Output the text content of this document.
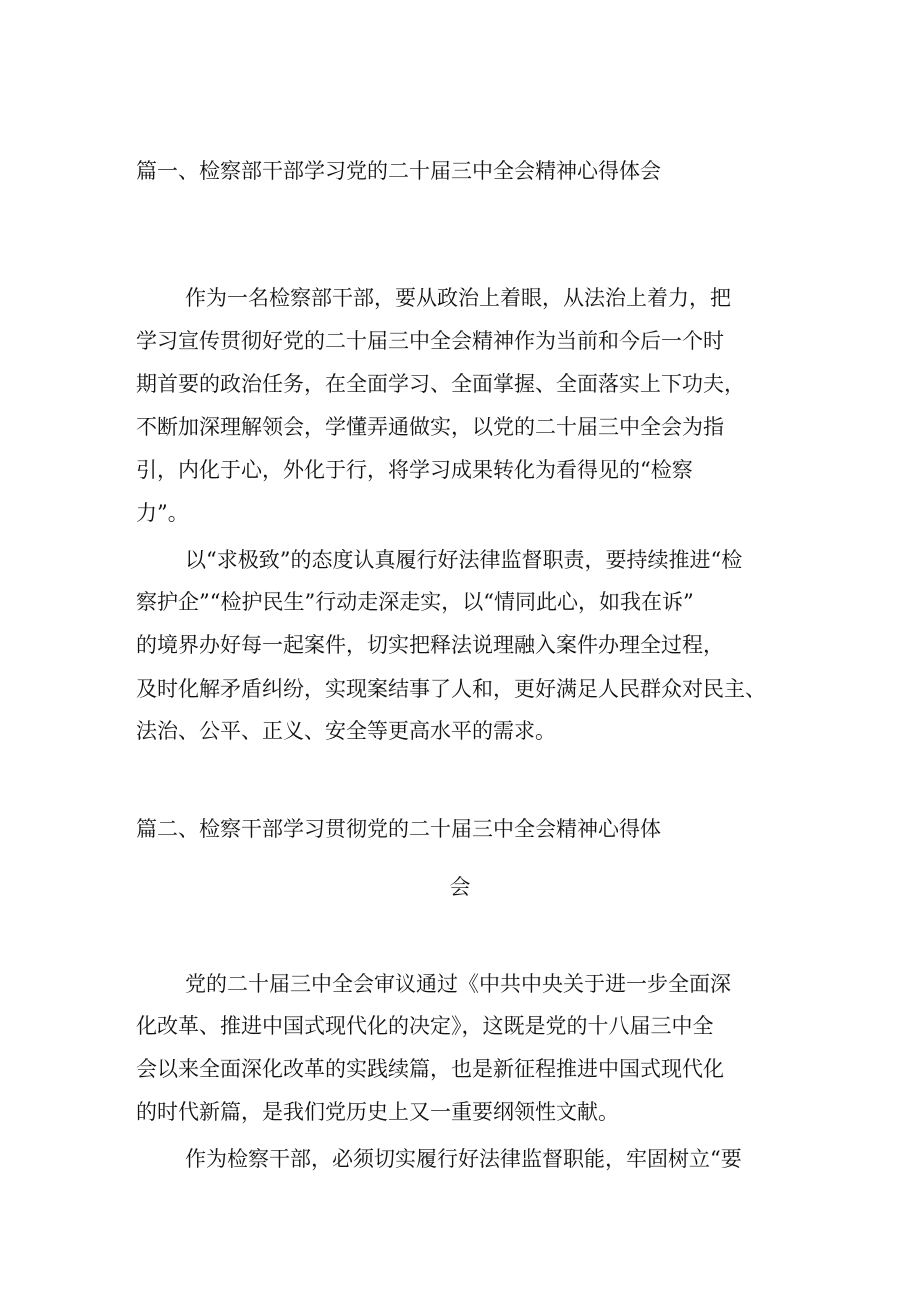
篇一、检察部干部学习党的二十届三中全会精神心得体会
作为一名检察部干部，要从政治上着眼，从法治上着力，把
学习宣传贯彻好党的二十届三中全会精神作为当前和今后一个时
期首要的政治任务，在全面学习、全面掌握、全面落实上下功夫，
不断加深理解领会，学懂弄通做实，以党的二十届三中全会为指
引，内化于心，外化于行，将学习成果转化为看得见的“检察
力”。
以“求极致”的态度认真履行好法律监督职责，要持续推进“检
察护企”“检护民生”行动走深走实，以“情同此心，如我在诉”
的境界办好每一起案件，切实把释法说理融入案件办理全过程，
及时化解矛盾纠纷，实现案结事了人和，更好满足人民群众对民主、
法治、公平、正义、安全等更高水平的需求。
篇二、检察干部学习贯彻党的二十届三中全会精神心得体
会
党的二十届三中全会审议通过《中共中央关于进一步全面深
化改革、推进中国式现代化的决定》，这既是党的十八届三中全
会以来全面深化改革的实践续篇，也是新征程推进中国式现代化
的时代新篇，是我们党历史上又一重要纲领性文献。
作为检察干部，必须切实履行好法律监督职能，牢固树立“要
